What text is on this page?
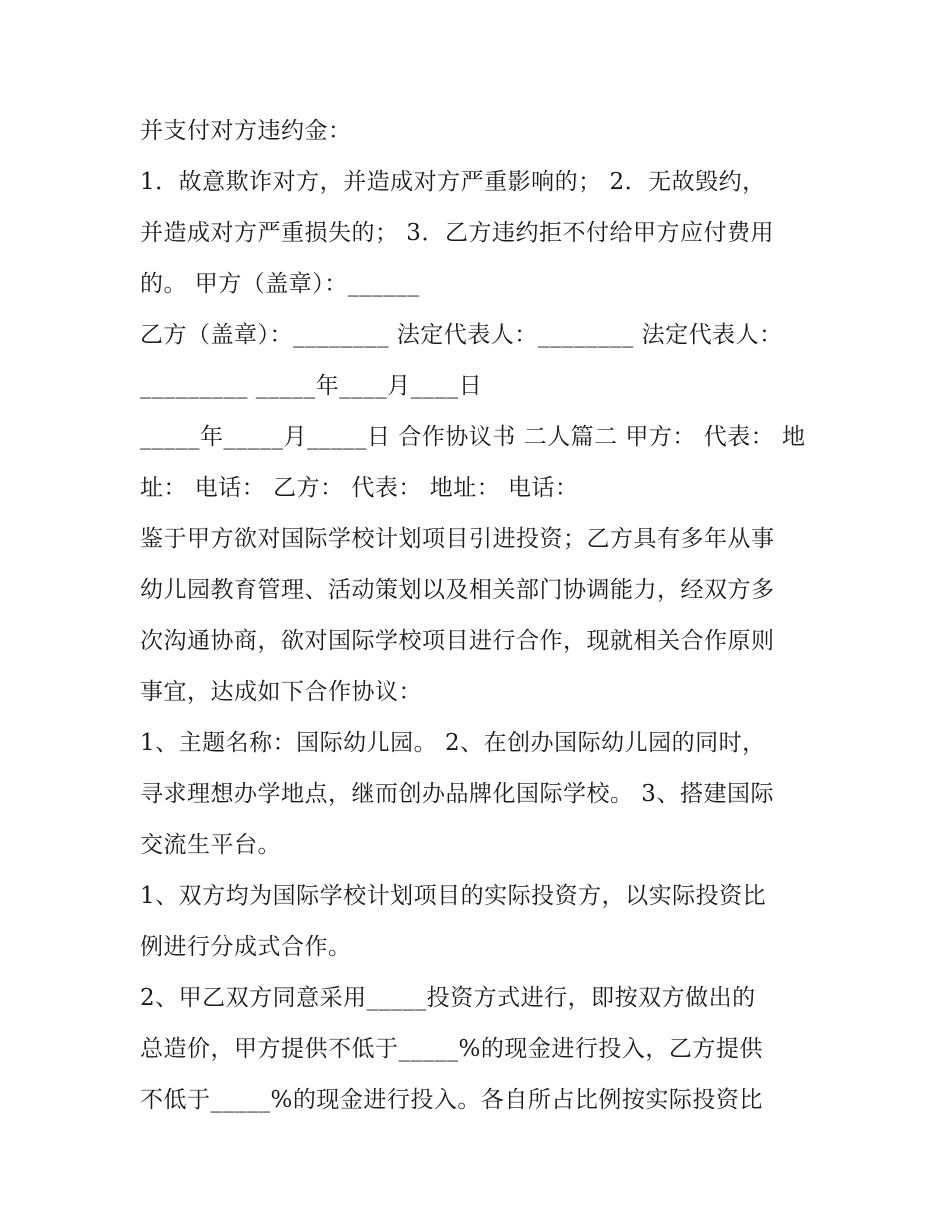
并支付对方违约金：
1．故意欺诈对方，并造成对方严重影响的； 2．无故毁约，
并造成对方严重损失的； 3．乙方违约拒不付给甲方应付费用
的。 甲方（盖章）：______
乙方（盖章）：________ 法定代表人：________ 法定代表人：
_________ _____年____月____日
_____年_____月_____日 合作协议书 二人篇二 甲方： 代表： 地
址： 电话： 乙方： 代表： 地址： 电话：
鉴于甲方欲对国际学校计划项目引进投资；乙方具有多年从事
幼儿园教育管理、活动策划以及相关部门协调能力，经双方多
次沟通协商，欲对国际学校项目进行合作，现就相关合作原则
事宜，达成如下合作协议：
1、主题名称：国际幼儿园。 2、在创办国际幼儿园的同时，
寻求理想办学地点，继而创办品牌化国际学校。 3、搭建国际
交流生平台。
1、双方均为国际学校计划项目的实际投资方，以实际投资比
例进行分成式合作。
2、甲乙双方同意采用_____投资方式进行，即按双方做出的
总造价，甲方提供不低于_____%的现金进行投入，乙方提供
不低于_____%的现金进行投入。各自所占比例按实际投资比
